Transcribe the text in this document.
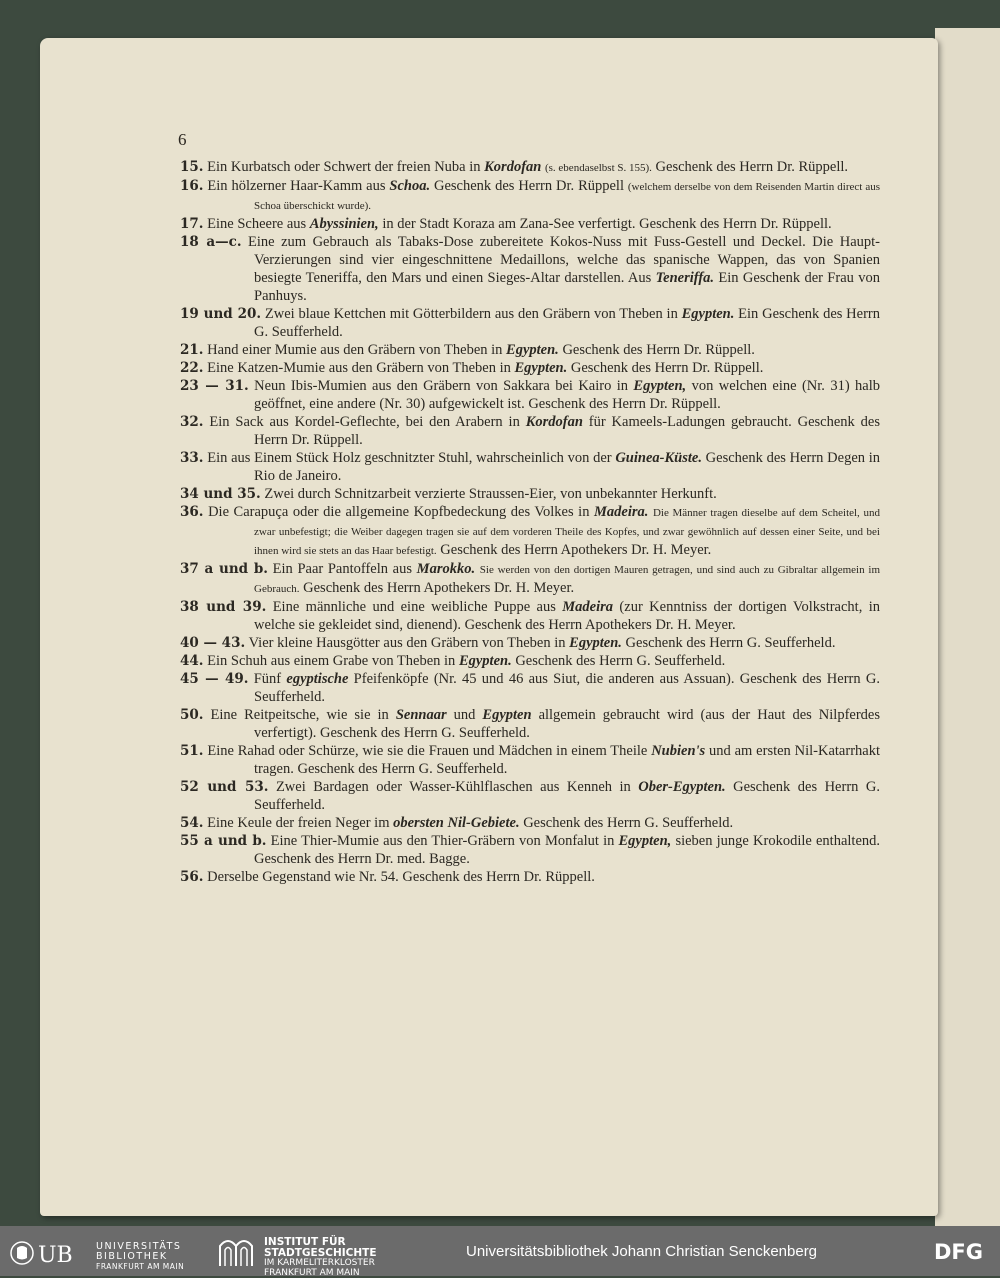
6

15. Ein Kurbatsch oder Schwert der freien Nuba in Kordofan (s. ebendaselbst S. 155). Geschenk des Herrn Dr. Rüppell.

16. Ein hölzerner Haar-Kamm aus Schoa. Geschenk des Herrn Dr. Rüppell (welchem derselbe von dem Reisenden Martin direct aus Schoa überschickt wurde).

17. Eine Scheere aus Abyssinien, in der Stadt Koraza am Zana-See verfertigt. Geschenk des Herrn Dr. Rüppell.

18 a—c. Eine zum Gebrauch als Tabaks-Dose zubereitete Kokos-Nuss mit Fuss-Gestell und Deckel. Die Haupt-Verzierungen sind vier eingeschnittene Medaillons, welche das spanische Wappen, das von Spanien besiegte Teneriffa, den Mars und einen Sieges-Altar darstellen. Aus Teneriffa. Ein Geschenk der Frau von Panhuys.

19 und 20. Zwei blaue Kettchen mit Götterbildern aus den Gräbern von Theben in Egypten. Ein Geschenk des Herrn G. Seufferheld.

21. Hand einer Mumie aus den Gräbern von Theben in Egypten. Geschenk des Herrn Dr. Rüppell.

22. Eine Katzen-Mumie aus den Gräbern von Theben in Egypten. Geschenk des Herrn Dr. Rüppell.

23 — 31. Neun Ibis-Mumien aus den Gräbern von Sakkara bei Kairo in Egypten, von welchen eine (Nr. 31) halb geöffnet, eine andere (Nr. 30) aufgewickelt ist. Geschenk des Herrn Dr. Rüppell.

32. Ein Sack aus Kordel-Geflechte, bei den Arabern in Kordofan für Kameels-Ladungen gebraucht. Geschenk des Herrn Dr. Rüppell.

33. Ein aus Einem Stück Holz geschnitzter Stuhl, wahrscheinlich von der Guinea-Küste. Geschenk des Herrn Degen in Rio de Janeiro.

34 und 35. Zwei durch Schnitzarbeit verzierte Straussen-Eier, von unbekannter Herkunft.

36. Die Carapuça oder die allgemeine Kopfbedeckung des Volkes in Madeira. Die Männer tragen dieselbe auf dem Scheitel, und zwar unbefestigt; die Weiber dagegen tragen sie auf dem vorderen Theile des Kopfes, und zwar gewöhnlich auf dessen einer Seite, und bei ihnen wird sie stets an das Haar befestigt. Geschenk des Herrn Apothekers Dr. H. Meyer.

37 a und b. Ein Paar Pantoffeln aus Marokko. Sie werden von den dortigen Mauren getragen, und sind auch zu Gibraltar allgemein im Gebrauch. Geschenk des Herrn Apothekers Dr. H. Meyer.

38 und 39. Eine männliche und eine weibliche Puppe aus Madeira (zur Kenntniss der dortigen Volkstracht, in welche sie gekleidet sind, dienend). Geschenk des Herrn Apothekers Dr. H. Meyer.

40 — 43. Vier kleine Hausgötter aus den Gräbern von Theben in Egypten. Geschenk des Herrn G. Seufferheld.

44. Ein Schuh aus einem Grabe von Theben in Egypten. Geschenk des Herrn G. Seufferheld.

45 — 49. Fünf egyptische Pfeifenköpfe (Nr. 45 und 46 aus Siut, die anderen aus Assuan). Geschenk des Herrn G. Seufferheld.

50. Eine Reitpeitsche, wie sie in Sennaar und Egypten allgemein gebraucht wird (aus der Haut des Nilpferdes verfertigt). Geschenk des Herrn G. Seufferheld.

51. Eine Rahad oder Schürze, wie sie die Frauen und Mädchen in einem Theile Nubien's und am ersten Nil-Katarrhakt tragen. Geschenk des Herrn G. Seufferheld.

52 und 53. Zwei Bardagen oder Wasser-Kühlflaschen aus Kenneh in Ober-Egypten. Geschenk des Herrn G. Seufferheld.

54. Eine Keule der freien Neger im obersten Nil-Gebiete. Geschenk des Herrn G. Seufferheld.

55 a und b. Eine Thier-Mumie aus den Thier-Gräbern von Monfalut in Egypten, sieben junge Krokodile enthaltend. Geschenk des Herrn Dr. med. Bagge.

56. Derselbe Gegenstand wie Nr. 54. Geschenk des Herrn Dr. Rüppell.

UB UNIVERSITÄTS
BIBLIOTHEK
FRANKFURT AM MAIN
INSTITUT FÜR
STADTGESCHICHTE
IM KARMELITERKLOSTER
FRANKFURT AM MAIN
Universitätsbibliothek Johann Christian Senckenberg	DFG
